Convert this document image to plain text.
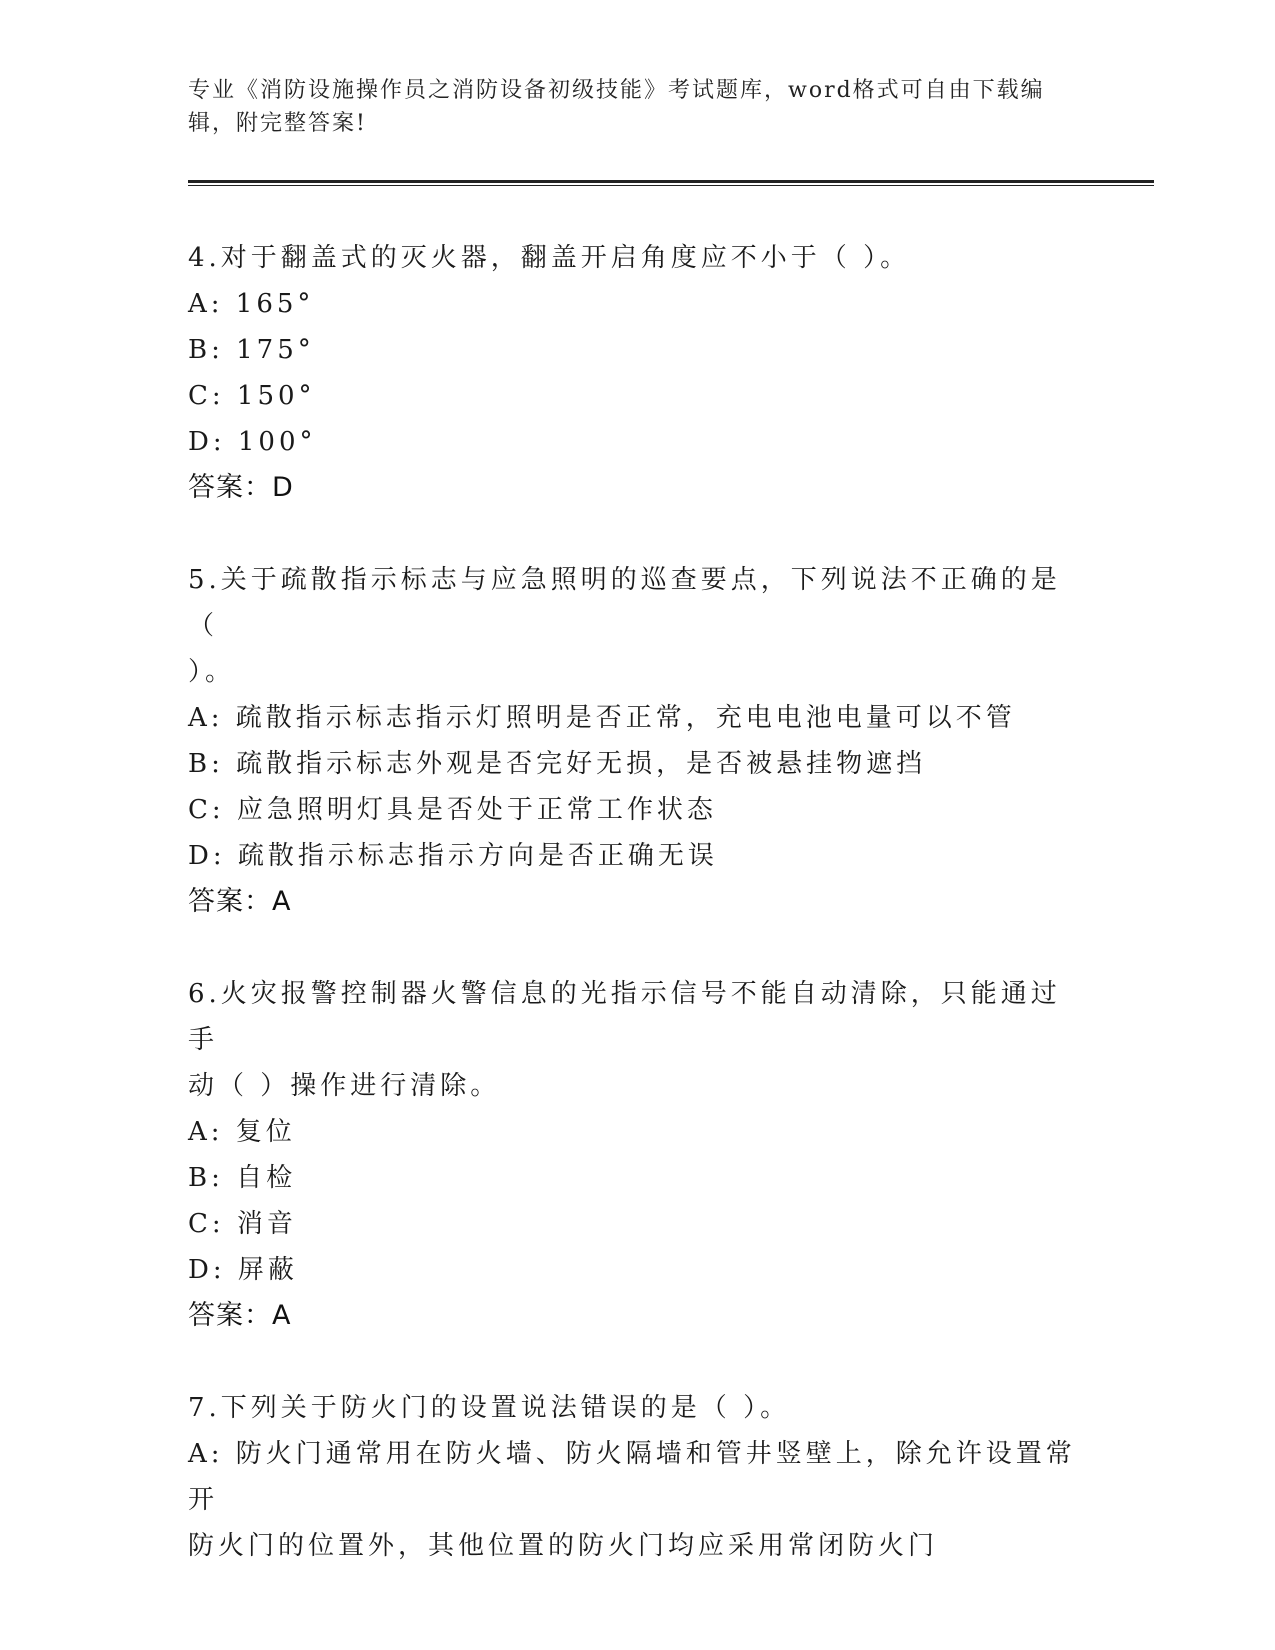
专业《消防设施操作员之消防设备初级技能》考试题库，word格式可自由下载编
辑，附完整答案!

4.对于翻盖式的灭火器，翻盖开启角度应不小于（ ）。

A: 165°

B: 175°

C: 150°

D: 100°

答案：D

5.关于疏散指示标志与应急照明的巡查要点，下列说法不正确的是（

）。

A: 疏散指示标志指示灯照明是否正常，充电电池电量可以不管

B: 疏散指示标志外观是否完好无损，是否被悬挂物遮挡

C: 应急照明灯具是否处于正常工作状态

D: 疏散指示标志指示方向是否正确无误

答案：A

6.火灾报警控制器火警信息的光指示信号不能自动清除，只能通过手

动（ ）操作进行清除。

A: 复位

B: 自检

C: 消音

D: 屏蔽

答案：A

7.下列关于防火门的设置说法错误的是（ ）。

A: 防火门通常用在防火墙、防火隔墙和管井竖壁上，除允许设置常开

防火门的位置外，其他位置的防火门均应采用常闭防火门
